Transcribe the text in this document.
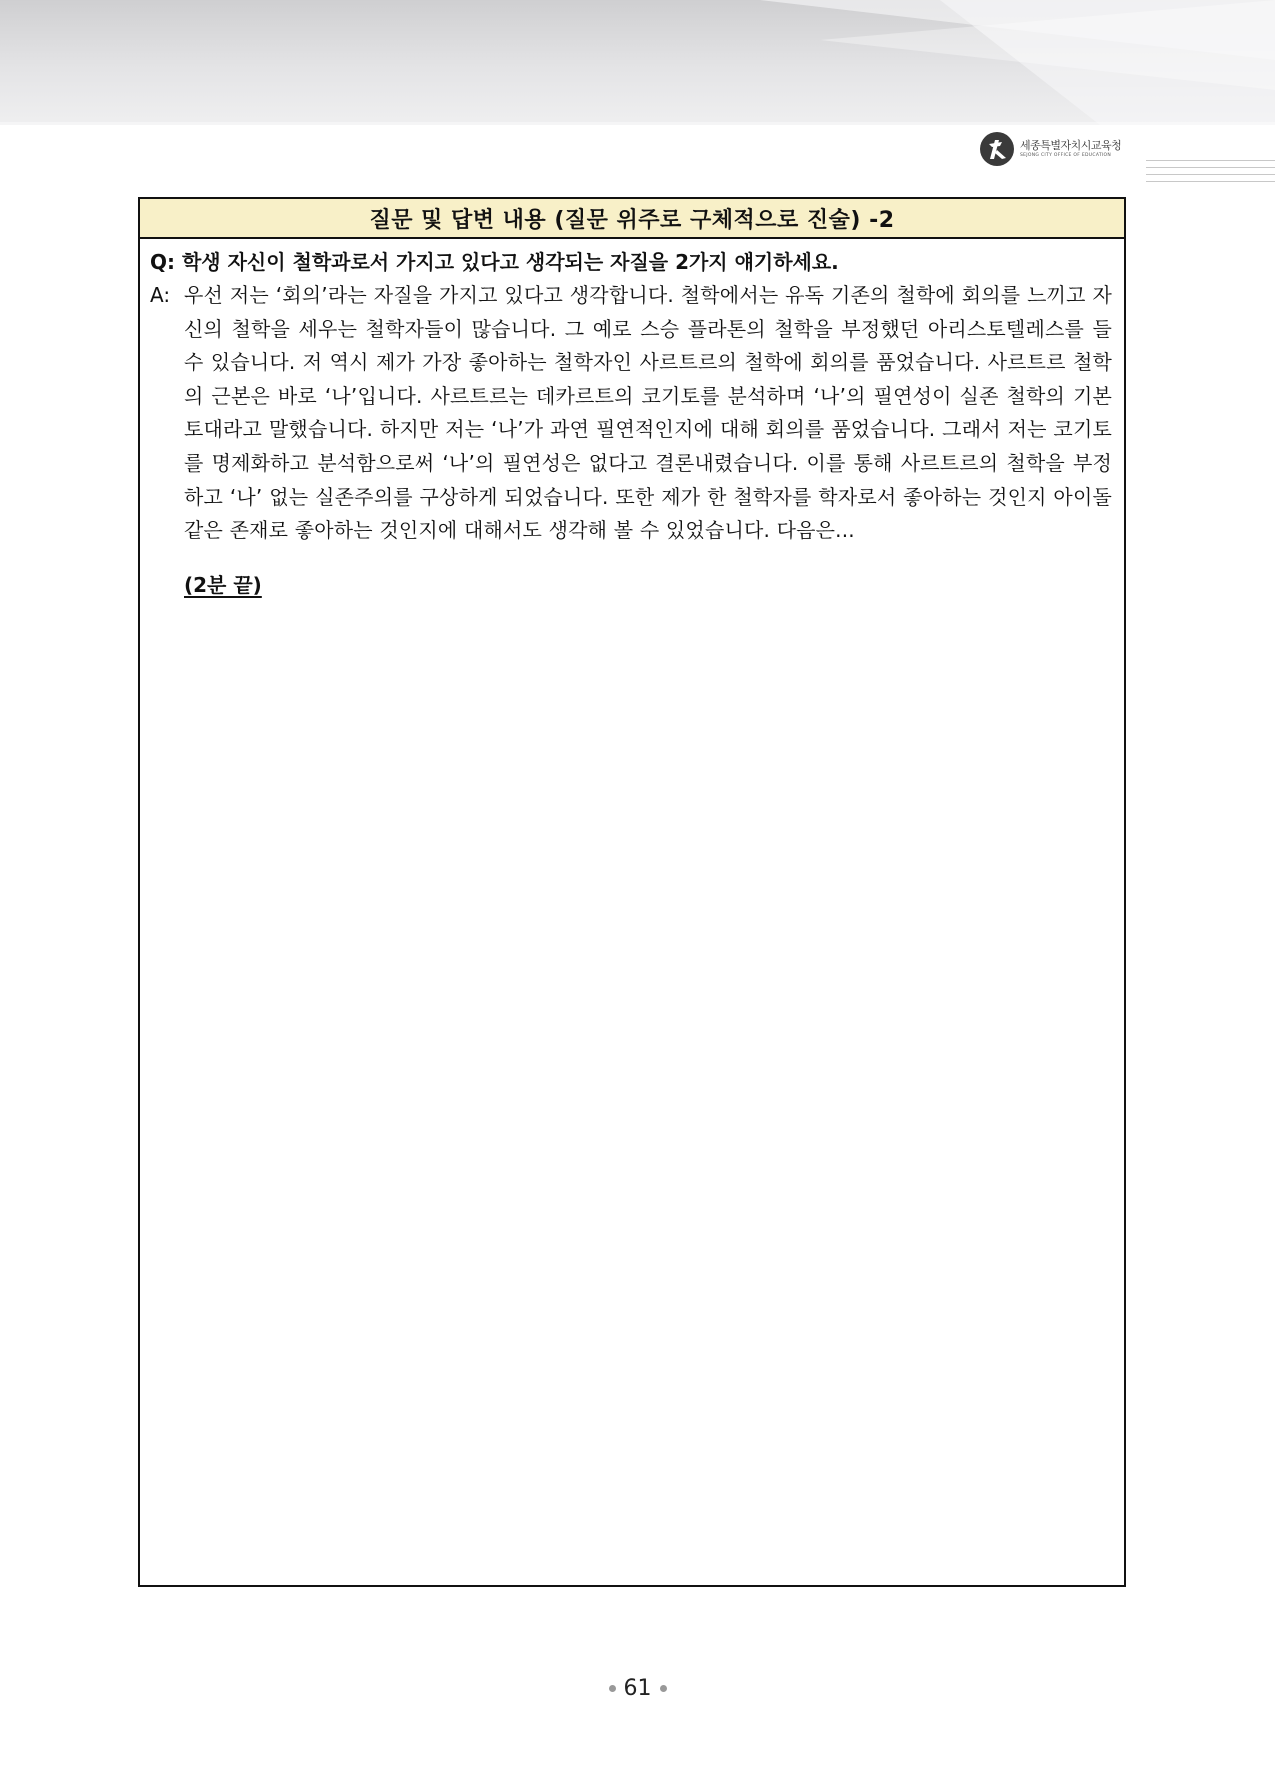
세종특별자치시교육청
SEJONG CITY OFFICE OF EDUCATION
질문 및 답변 내용 (질문 위주로 구체적으로 진술) -2
Q: 학생 자신이 철학과로서 가지고 있다고 생각되는 자질을 2가지 얘기하세요.
A: 우선 저는 ‘회의’라는 자질을 가지고 있다고 생각합니다. 철학에서는 유독 기존의 철학에 회의를 느끼고 자신의 철학을 세우는 철학자들이 많습니다. 그 예로 스승 플라톤의 철학을 부정했던 아리스토텔레스를 들 수 있습니다. 저 역시 제가 가장 좋아하는 철학자인 사르트르의 철학에 회의를 품었습니다. 사르트르 철학의 근본은 바로 ‘나’입니다. 사르트르는 데카르트의 코기토를 분석하며 ‘나’의 필연성이 실존 철학의 기본 토대라고 말했습니다. 하지만 저는 ‘나’가 과연 필연적인지에 대해 회의를 품었습니다. 그래서 저는 코기토를 명제화하고 분석함으로써 ‘나’의 필연성은 없다고 결론내렸습니다. 이를 통해 사르트르의 철학을 부정하고 ‘나’ 없는 실존주의를 구상하게 되었습니다. 또한 제가 한 철학자를 학자로서 좋아하는 것인지 아이돌 같은 존재로 좋아하는 것인지에 대해서도 생각해 볼 수 있었습니다. 다음은...
(2분 끝)
61
